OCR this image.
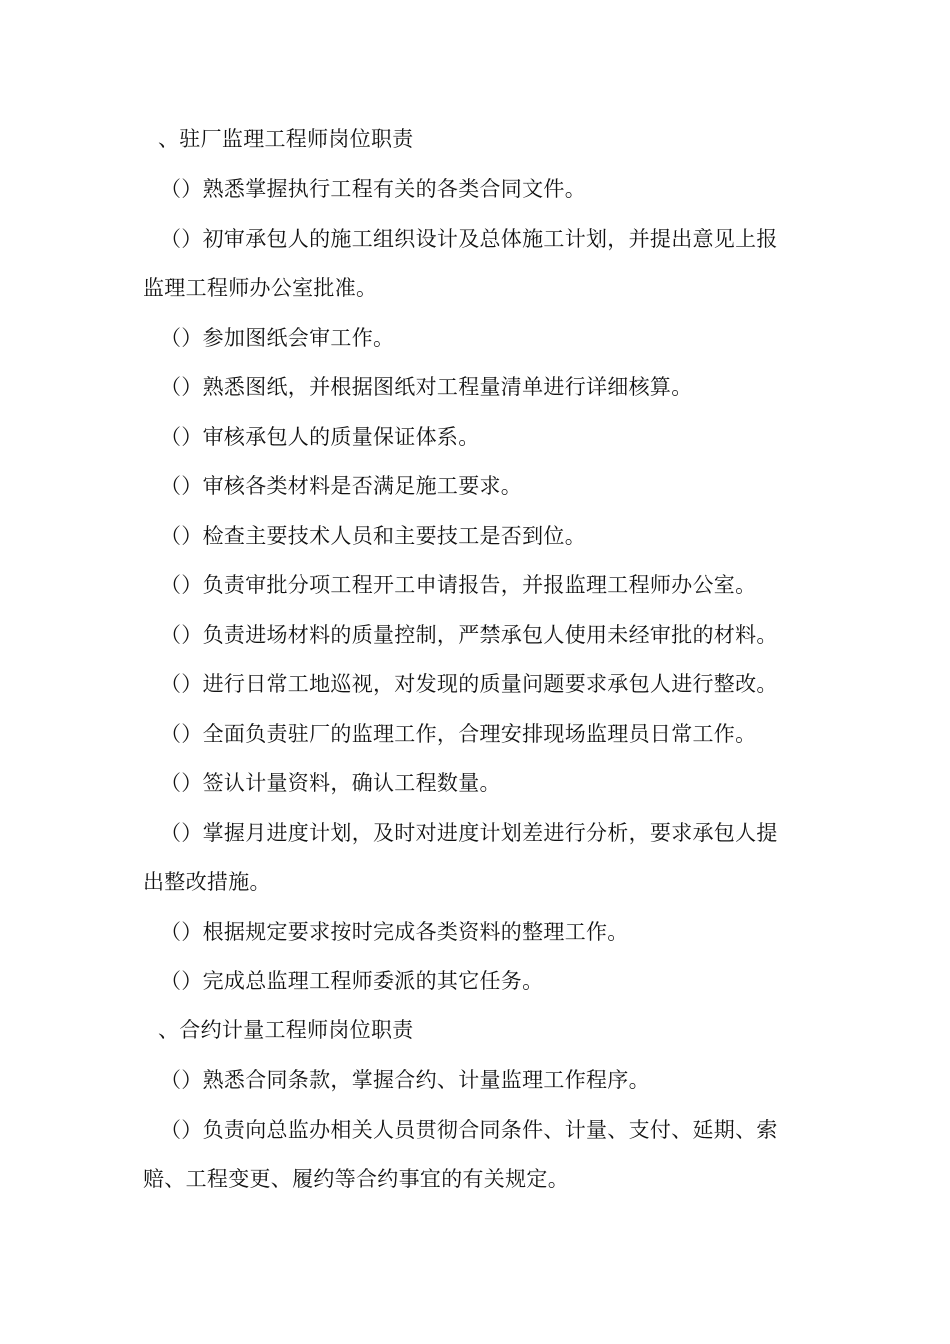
、驻厂监理工程师岗位职责
（）熟悉掌握执行工程有关的各类合同文件。
（）初审承包人的施工组织设计及总体施工计划，并提出意见上报
监理工程师办公室批准。
（）参加图纸会审工作。
（）熟悉图纸，并根据图纸对工程量清单进行详细核算。
（）审核承包人的质量保证体系。
（）审核各类材料是否满足施工要求。
（）检查主要技术人员和主要技工是否到位。
（）负责审批分项工程开工申请报告，并报监理工程师办公室。
（）负责进场材料的质量控制，严禁承包人使用未经审批的材料。
（）进行日常工地巡视，对发现的质量问题要求承包人进行整改。
（）全面负责驻厂的监理工作，合理安排现场监理员日常工作。
（）签认计量资料，确认工程数量。
（）掌握月进度计划，及时对进度计划差进行分析，要求承包人提
出整改措施。
（）根据规定要求按时完成各类资料的整理工作。
（）完成总监理工程师委派的其它任务。
、合约计量工程师岗位职责
（）熟悉合同条款，掌握合约、计量监理工作程序。
（）负责向总监办相关人员贯彻合同条件、计量、支付、延期、索
赔、工程变更、履约等合约事宜的有关规定。
